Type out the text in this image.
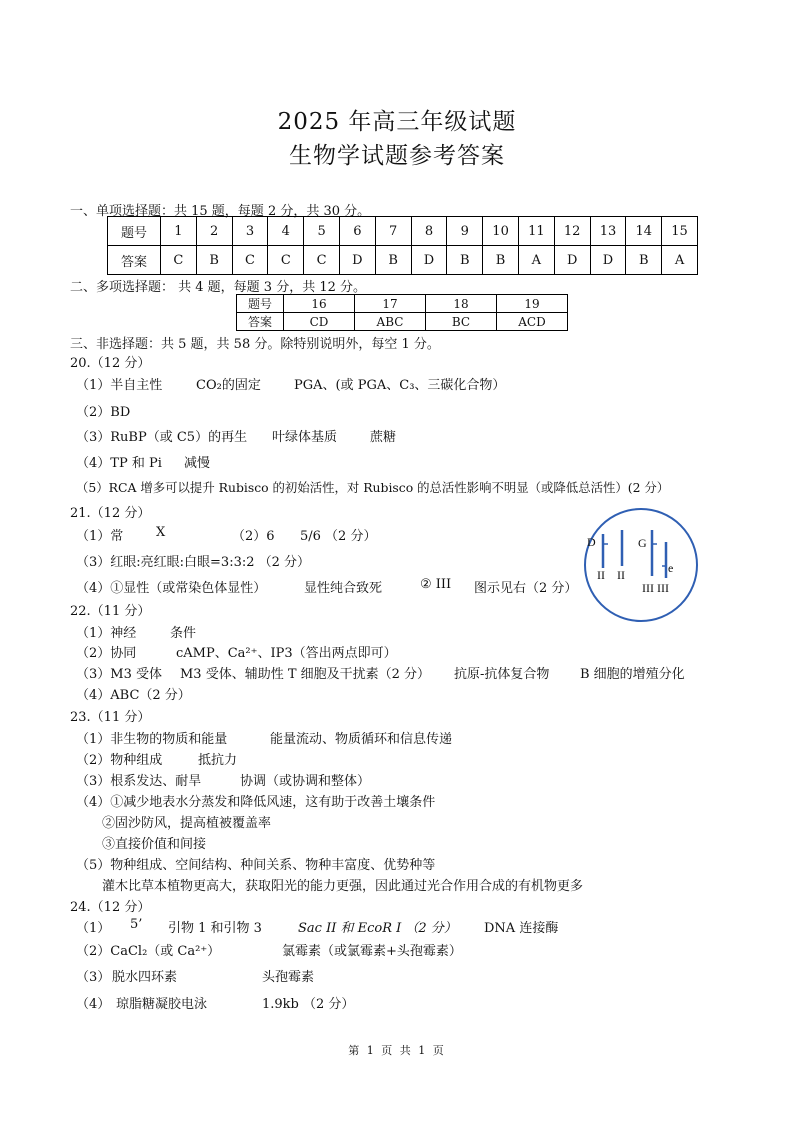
2025 年高三年级试题
生物学试题参考答案
一、单项选择题：共 15 题，每题 2 分，共 30 分。
题号	1	2	3	4	5	6	7	8	9	10	11	12	13	14	15
答案	C	B	C	C	C	D	B	D	B	B	A	D	D	B	A
二、多项选择题： 共 4 题，每题 3 分，共 12 分。
题号	16	17	18	19
答案	CD	ABC	BC	ACD
三、非选择题：共 5 题，共 58 分。除特别说明外，每空 1 分。
20.（12 分）
（1）半自主性	CO₂的固定	PGA、(或 PGA、C₃、三碳化合物）
（2）BD
（3）RuBP（或 C5）的再生 叶绿体基质	蔗糖
（4）TP 和 Pi 减慢
（5）RCA 增多可以提升 Rubisco 的初始活性，对 Rubisco 的总活性影响不明显（或降低总活性）(2 分）
21.（12 分）
（1）常	X	（2）6 5/6 （2 分）
（3）红眼:亮红眼:白眼=3:3:2 （2 分）
（4）①显性（或常染色体显性）	显性纯合致死	② III 图示见右（2 分）
D	G
e
II II
III III
22.（11 分）
（1）神经	条件
（2）协同	cAMP、Ca²⁺、IP3（答出两点即可）
（3）M3 受体 M3 受体、辅助性 T 细胞及干扰素（2 分） 抗原-抗体复合物 B 细胞的增殖分化
（4）ABC（2 分）
23.（11 分）
（1）非生物的物质和能量	能量流动、物质循环和信息传递
（2）物种组成	抵抗力
（3）根系发达、耐旱	协调（或协调和整体）
（4）①减少地表水分蒸发和降低风速，这有助于改善土壤条件
②固沙防风，提高植被覆盖率
③直接价值和间接
（5）物种组成、空间结构、种间关系、物种丰富度、优势种等
灌木比草本植物更高大，获取阳光的能力更强，因此通过光合作用合成的有机物更多
24.（12 分）
（1） 5’ 引物 1 和引物 3	Sac II 和 EcoR I （2 分） DNA 连接酶
（2）CaCl₂（或 Ca²⁺）	氯霉素（或氯霉素+头孢霉素）
（3） 脱水四环素	头孢霉素
（4） 琼脂糖凝胶电泳	1.9kb （2 分）
第 1 页 共 1 页
